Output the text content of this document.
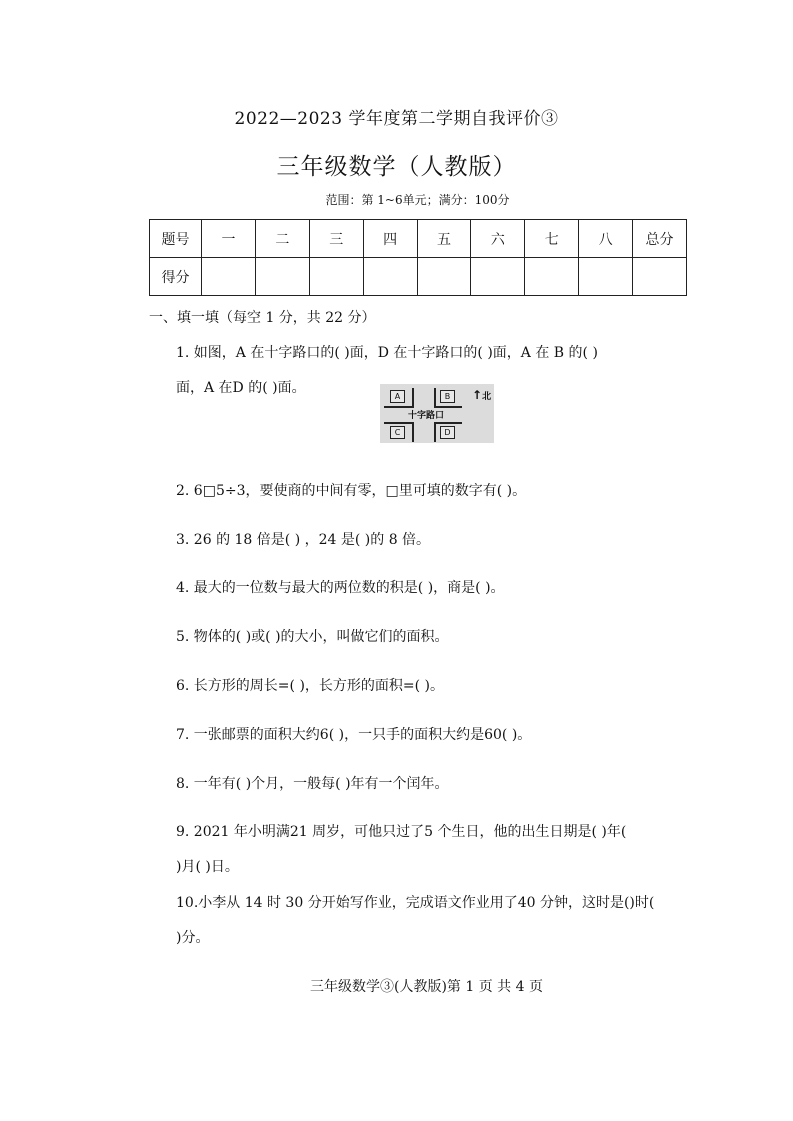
2022—2023 学年度第二学期自我评价③
三年级数学（人教版）
范围：第 1~6单元；满分：100分
题号	一	二	三	四	五	六	七	八	总分
得分									
一、填一填（每空 1 分，共 22 分）
1. 如图，A 在十字路口的( )面，D 在十字路口的( )面，A 在 B 的( )
面，A 在D 的( )面。
A	B
C	D
十字路口
↑北
2. 6□5÷3，要使商的中间有零，□里可填的数字有( )。
3. 26 的 18 倍是( ) ，24 是( )的 8 倍。
4. 最大的一位数与最大的两位数的积是( )，商是( )。
5. 物体的( )或( )的大小，叫做它们的面积。
6. 长方形的周长=( )，长方形的面积=( )。
7. 一张邮票的面积大约6( )，一只手的面积大约是60( )。
8. 一年有( )个月，一般每( )年有一个闰年。
9. 2021 年小明满21 周岁，可他只过了5 个生日，他的出生日期是( )年(
)月( )日。
10.小李从 14 时 30 分开始写作业，完成语文作业用了40 分钟，这时是()时(
)分。
三年级数学③(人教版)第 1 页 共 4 页
